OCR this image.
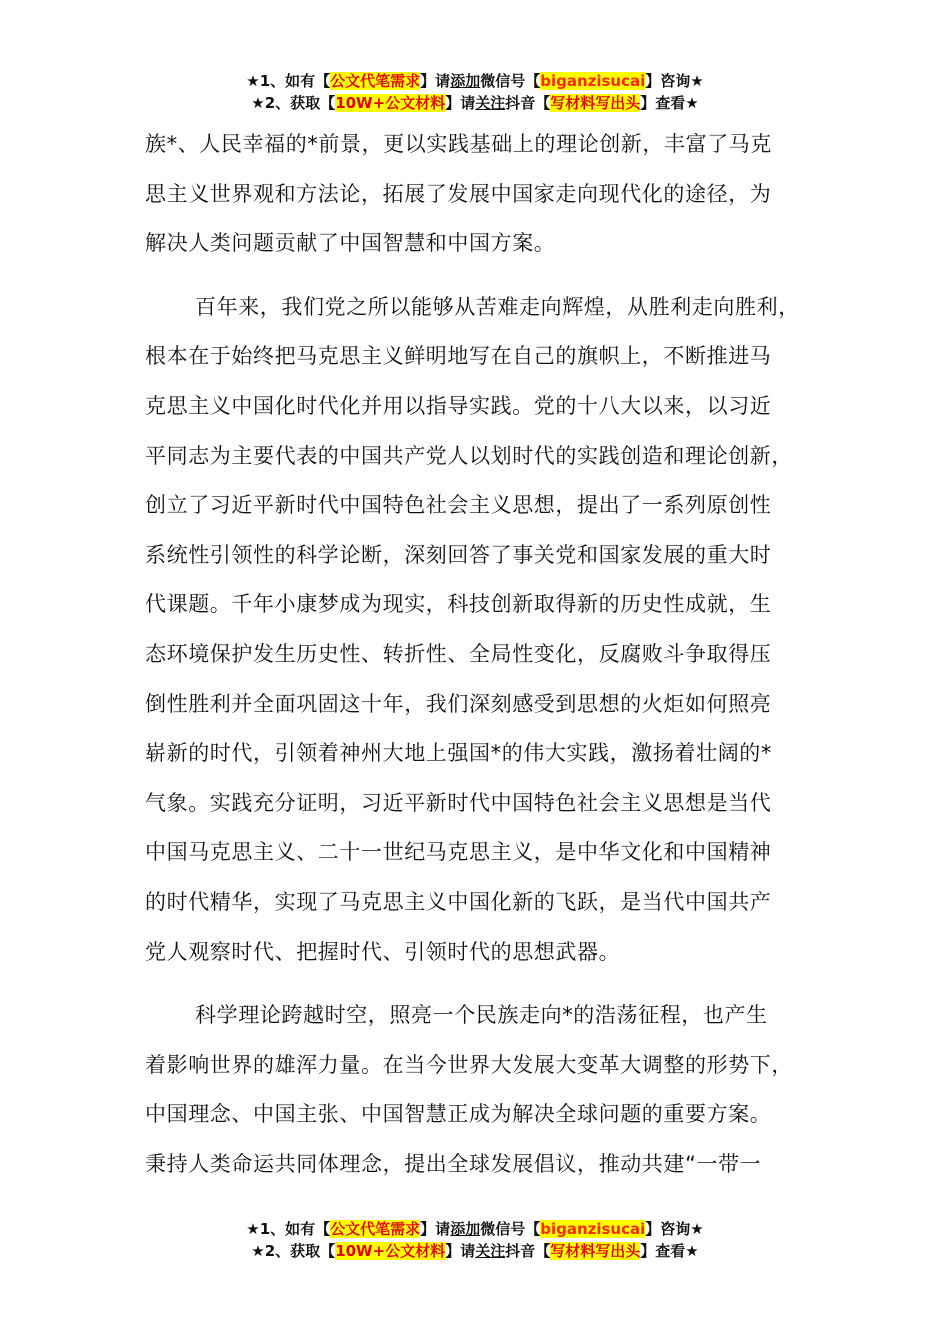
★1、如有【公文代笔需求】请添加微信号【biganzisucai】咨询★
★2、获取【10W+公文材料】请关注抖音【写材料写出头】查看★

族*、人民幸福的*前景，更以实践基础上的理论创新，丰富了马克

思主义世界观和方法论，拓展了发展中国家走向现代化的途径，为

解决人类问题贡献了中国智慧和中国方案。

百年来，我们党之所以能够从苦难走向辉煌，从胜利走向胜利，

根本在于始终把马克思主义鲜明地写在自己的旗帜上，不断推进马

克思主义中国化时代化并用以指导实践。党的十八大以来，以习近

平同志为主要代表的中国共产党人以划时代的实践创造和理论创新，

创立了习近平新时代中国特色社会主义思想，提出了一系列原创性

系统性引领性的科学论断，深刻回答了事关党和国家发展的重大时

代课题。千年小康梦成为现实，科技创新取得新的历史性成就，生

态环境保护发生历史性、转折性、全局性变化，反腐败斗争取得压

倒性胜利并全面巩固这十年，我们深刻感受到思想的火炬如何照亮

崭新的时代，引领着神州大地上强国*的伟大实践，激扬着壮阔的*

气象。实践充分证明，习近平新时代中国特色社会主义思想是当代

中国马克思主义、二十一世纪马克思主义，是中华文化和中国精神

的时代精华，实现了马克思主义中国化新的飞跃，是当代中国共产

党人观察时代、把握时代、引领时代的思想武器。

科学理论跨越时空，照亮一个民族走向*的浩荡征程，也产生

着影响世界的雄浑力量。在当今世界大发展大变革大调整的形势下，

中国理念、中国主张、中国智慧正成为解决全球问题的重要方案。

秉持人类命运共同体理念，提出全球发展倡议，推动共建“一带一

★1、如有【公文代笔需求】请添加微信号【biganzisucai】咨询★
★2、获取【10W+公文材料】请关注抖音【写材料写出头】查看★
